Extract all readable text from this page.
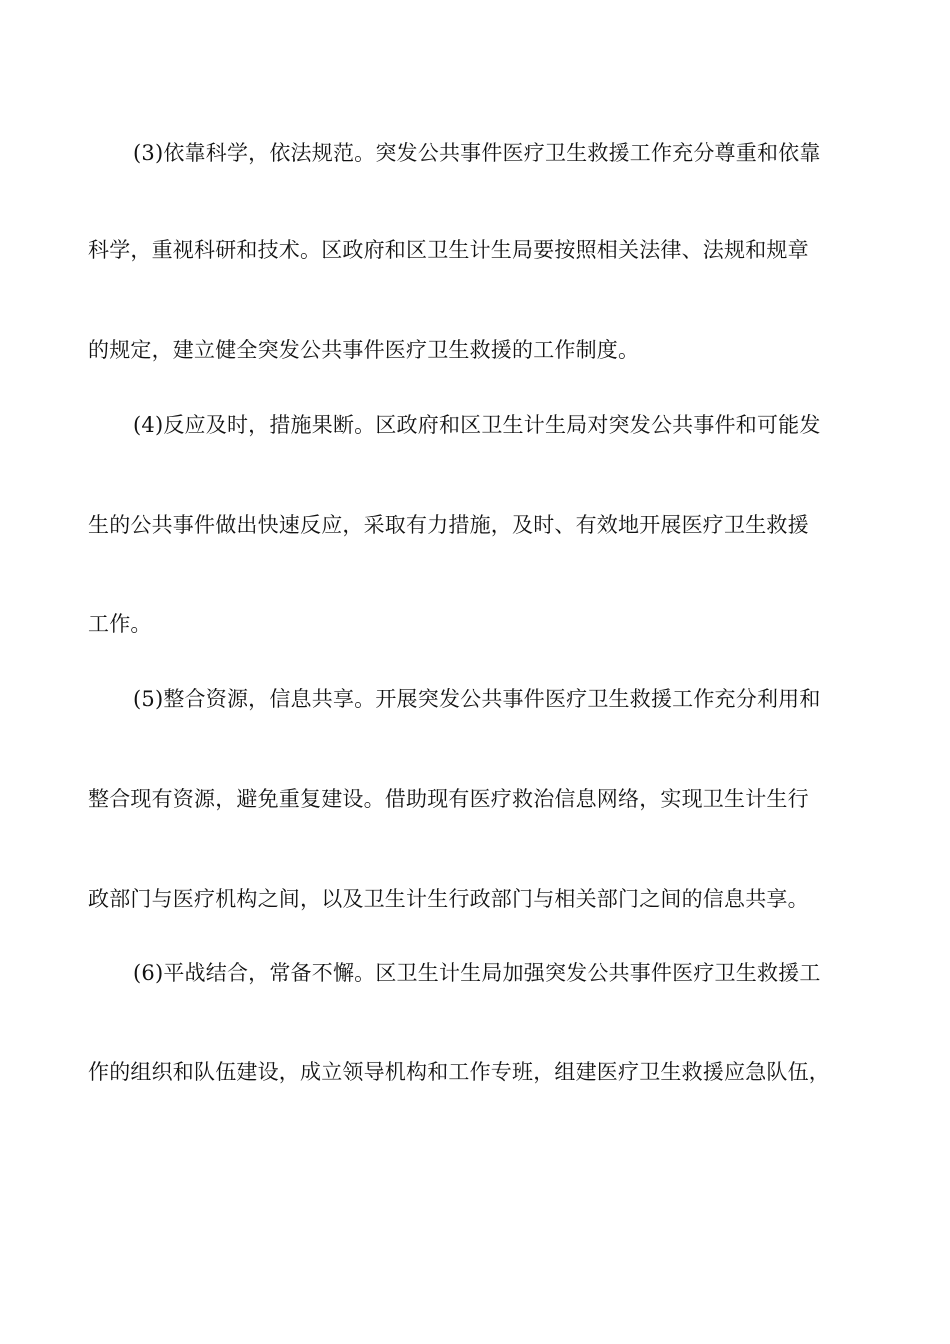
(3)依靠科学，依法规范。突发公共事件医疗卫生救援工作充分尊重和依靠
科学，重视科研和技术。区政府和区卫生计生局要按照相关法律、法规和规章
的规定，建立健全突发公共事件医疗卫生救援的工作制度。
(4)反应及时，措施果断。区政府和区卫生计生局对突发公共事件和可能发
生的公共事件做出快速反应，采取有力措施，及时、有效地开展医疗卫生救援
工作。
(5)整合资源，信息共享。开展突发公共事件医疗卫生救援工作充分利用和
整合现有资源，避免重复建设。借助现有医疗救治信息网络，实现卫生计生行
政部门与医疗机构之间，以及卫生计生行政部门与相关部门之间的信息共享。
(6)平战结合，常备不懈。区卫生计生局加强突发公共事件医疗卫生救援工
作的组织和队伍建设，成立领导机构和工作专班，组建医疗卫生救援应急队伍，
